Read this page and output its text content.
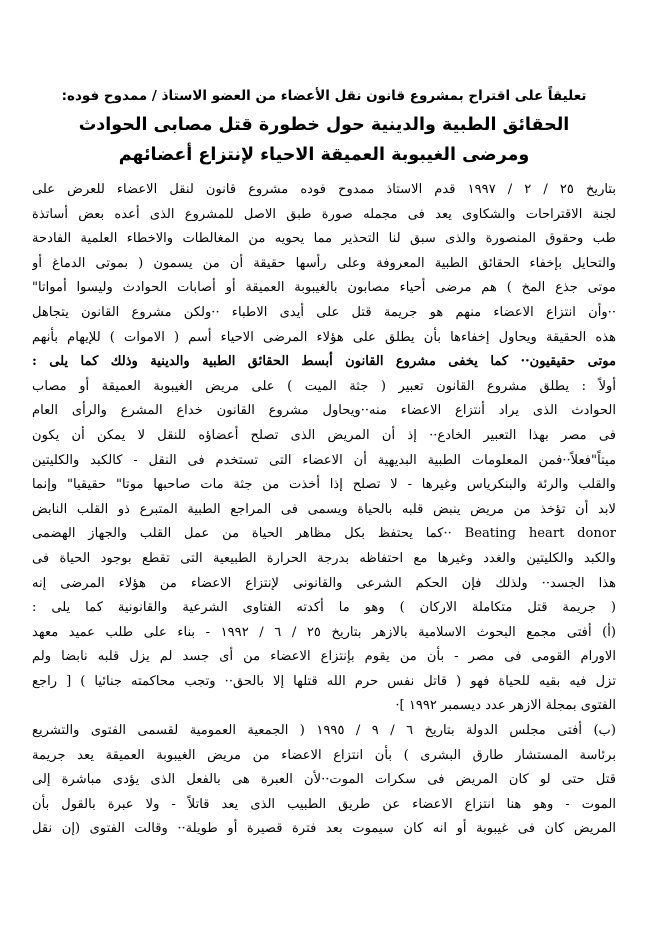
تعليقاً على اقتراح بمشروع قانون نقل الأعضاء من العضو الاستاذ / ممدوح فوده:

الحقائق الطبية والدينية حول خطورة قتل مصابى الحوادث

ومرضى الغيبوبة العميقة الاحياء لإنتزاع أعضائهم

بتاريخ ٢٥ / ٢ / ١٩٩٧ قدم الاستاذ ممدوح فوده مشروع قانون لنقل الاعضاء للعرض على
لجنة الاقتراحات والشكاوى يعد فى مجمله صورة طبق الاصل للمشروع الذى أعده بعض أساتذة
طب وحقوق المنصورة والذى سبق لنا التحذير مما يحويه من المغالطات والاخطاء العلمية الفادحة
والتحايل بإخفاء الحقائق الطبية المعروفة وعلى رأسها حقيقة أن من يسمون ( بموتى الدماغ أو
موتى جذع المخ ) هم مرضى أحياء مصابون بالغيبوبة العميقة أو أصابات الحوادث وليسوا أمواتا"
··وأن انتزاع الاعضاء منهم هو جريمة قتل على أيدى الاطباء ··ولكن مشروع القانون يتجاهل
هذه الحقيقة ويحاول إخفاءها بأن يطلق على هؤلاء المرضى الاحياء أسم ( الاموات ) للإيهام بأنهم
موتى حقيقيون·· كما يخفى مشروع القانون أبسط الحقائق الطبية والدينية وذلك كما يلى :
أولاً : يطلق مشروع القانون تعبير ( جثة الميت ) على مريض الغيبوبة العميقة أو مصاب
الحوادث الذى يراد أنتزاع الاعضاء منه··ويحاول مشروع القانون خداع المشرع والرأى العام
فى مصر بهذا التعبير الخادع·· إذ أن المريض الذى تصلح أعضاؤه للنقل لا يمكن أن يكون
ميتاً"فعلاً··فمن المعلومات الطبية البديهية أن الاعضاء التى تستخدم فى النقل - كالكبد والكليتين
والقلب والرئة والبنكرياس وغيرها - لا تصلح إذا أخذت من جثة مات صاحبها موتا" حقيقيا" وإنما
لابد أن تؤخذ من مريض ينبض قلبه بالحياة ويسمى فى المراجع الطبية المتبرع ذو القلب النابض
Beating heart donor ··كما يحتفظ بكل مظاهر الحياة من عمل القلب والجهاز الهضمى
والكبد والكليتين والغدد وغيرها مع احتفاظه بدرجة الحرارة الطبيعية التى تقطع بوجود الحياة فى
هذا الجسد·· ولذلك فإن الحكم الشرعى والقانونى لإنتزاع الاعضاء من هؤلاء المرضى إنه
( جريمة قتل متكاملة الاركان ) وهو ما أكدته الفتاوى الشرعية والقانونية كما يلى :
(أ) أفتى مجمع البحوث الاسلامية بالازهر بتاريخ ٢٥ / ٦ / ١٩٩٢ - بناء على طلب عميد معهد
الاورام القومى فى مصر - بأن من يقوم بإنتزاع الاعضاء من أى جسد لم يزل قلبه نابضا ولم
تزل فيه بقيه للحياة فهو ( قاتل نفس حرم الله قتلها إلا بالحق·· وتجب محاكمته جنائيا ) [ راجع
الفتوى بمجلة الازهر عدد ديسمبر ١٩٩٢ ]·
(ب) أفتى مجلس الدولة بتاريخ ٦ / ٩ / ١٩٩٥ ( الجمعية العمومية لقسمى الفتوى والتشريع
برئاسة المستشار طارق البشرى ) بأن انتزاع الاعضاء من مريض الغيبوبة العميقة يعد جريمة
قتل حتى لو كان المريض فى سكرات الموت··لأن العبرة هى بالفعل الذى يؤدى مباشرة إلى
الموت - وهو هنا انتزاع الاعضاء عن طريق الطبيب الذى يعد قاتلاً - ولا عبرة بالقول بأن
المريض كان فى غيبوبة أو انه كان سيموت بعد فترة قصيرة أو طويلة·· وقالت الفتوى (إن نقل
